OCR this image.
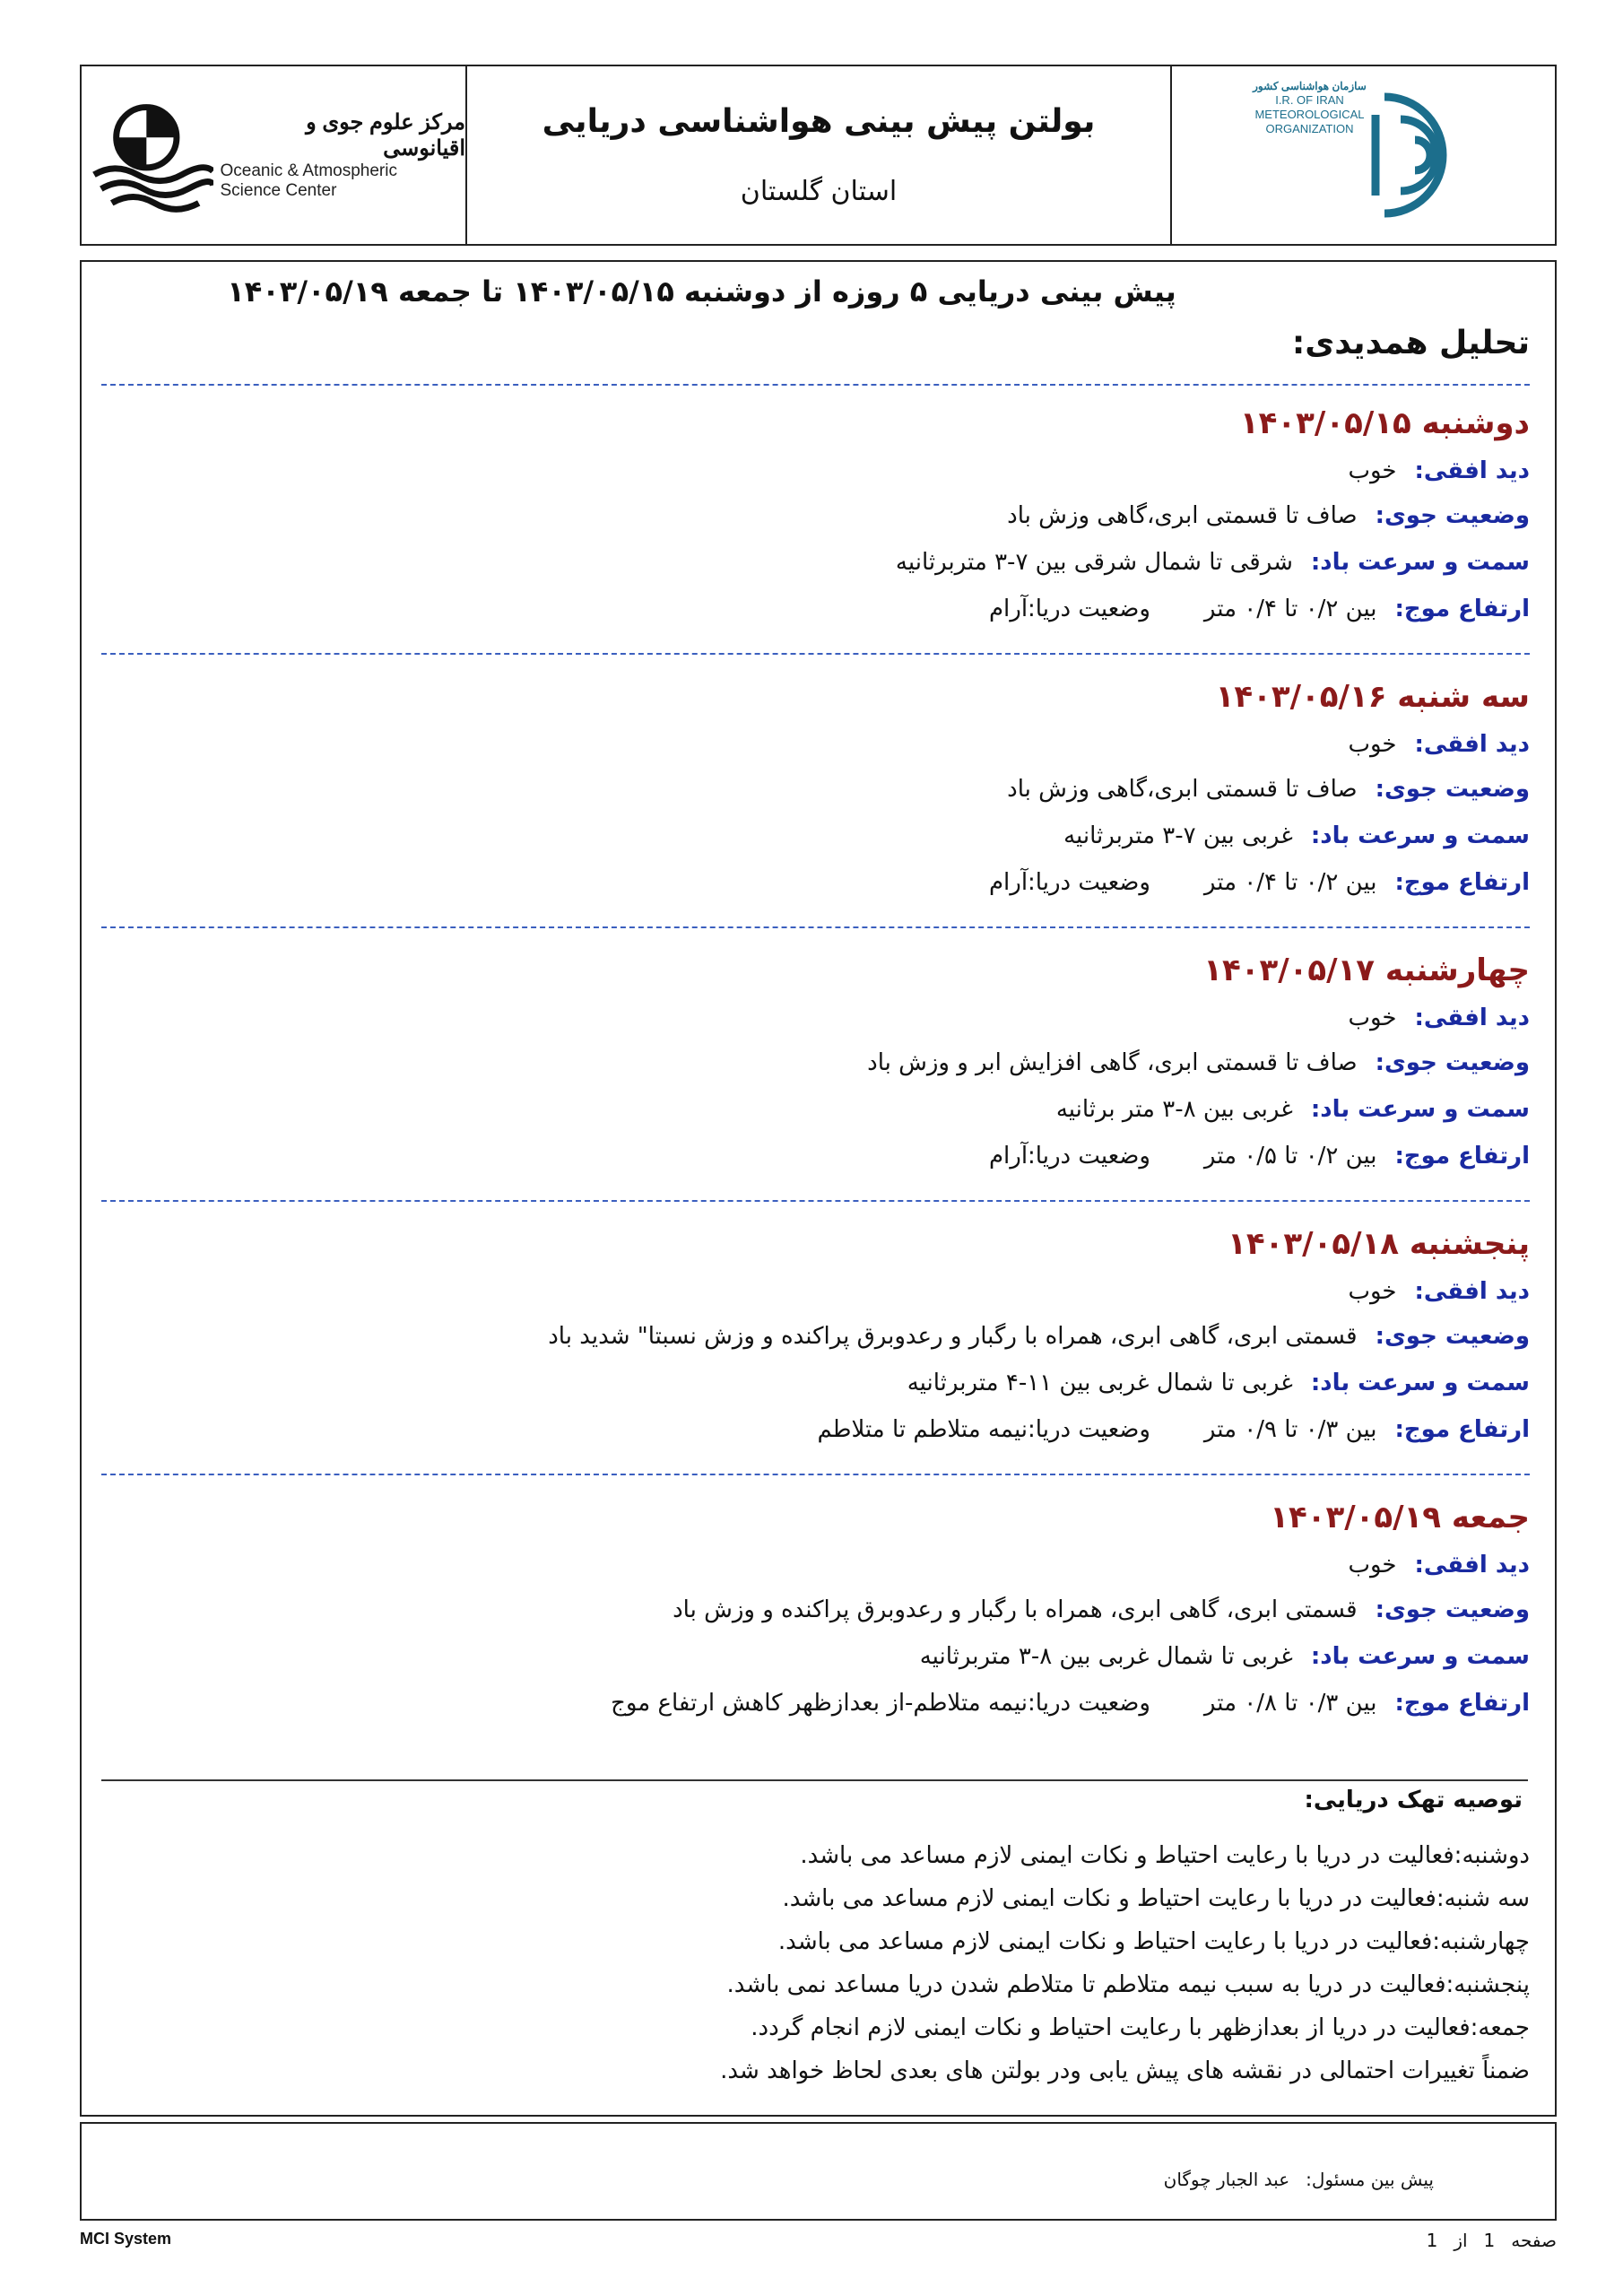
مرکز علوم جوی و اقیانوسی
Oceanic & Atmospheric
Science Center
بولتن پیش بینی هواشناسی دریایی
استان گلستان
سازمان هواشناسی کشور
I.R. OF IRAN
METEOROLOGICAL
ORGANIZATION
پیش بینی دریایی ۵ روزه از دوشنبه ۱۴۰۳/۰۵/۱۵ تا جمعه ۱۴۰۳/۰۵/۱۹
تحلیل همدیدی:
دوشنبه ۱۴۰۳/۰۵/۱۵
دید افقی:
خوب
وضعیت جوی:
صاف تا قسمتی ابری،گاهی وزش باد
سمت و سرعت باد:
شرقی تا شمال شرقی بین ۷-۳ متربرثانیه
ارتفاع موج:
بین ۰/۲ تا ۰/۴ متر
وضعیت دریا:آرام
سه شنبه ۱۴۰۳/۰۵/۱۶
دید افقی:
خوب
وضعیت جوی:
صاف تا قسمتی ابری،گاهی وزش باد
سمت و سرعت باد:
غربی بین ۷-۳ متربرثانیه
ارتفاع موج:
بین ۰/۲ تا ۰/۴ متر
وضعیت دریا:آرام
چهارشنبه ۱۴۰۳/۰۵/۱۷
دید افقی:
خوب
وضعیت جوی:
صاف تا قسمتی ابری، گاهی افزایش ابر و وزش باد
سمت و سرعت باد:
غربی بین ۸-۳ متر برثانیه
ارتفاع موج:
بین ۰/۲ تا ۰/۵ متر
وضعیت دریا:آرام
پنجشنبه ۱۴۰۳/۰۵/۱۸
دید افقی:
خوب
وضعیت جوی:
قسمتی ابری، گاهی ابری، همراه با رگبار و رعدوبرق پراکنده و وزش نسبتا" شدید باد
سمت و سرعت باد:
غربی تا شمال غربی بین ۱۱-۴ متربرثانیه
ارتفاع موج:
بین ۰/۳ تا ۰/۹ متر
وضعیت دریا:نیمه متلاطم تا متلاطم
جمعه ۱۴۰۳/۰۵/۱۹
دید افقی:
خوب
وضعیت جوی:
قسمتی ابری، گاهی ابری، همراه با رگبار و رعدوبرق پراکنده و وزش باد
سمت و سرعت باد:
غربی تا شمال غربی بین ۸-۳ متربرثانیه
ارتفاع موج:
بین ۰/۳ تا ۰/۸ متر
وضعیت دریا:نیمه متلاطم-از بعدازظهر کاهش ارتفاع موج
توصیه تهک دریایی:
دوشنبه:فعالیت در دریا با رعایت احتیاط و نکات ایمنی لازم مساعد می باشد.
سه شنبه:فعالیت در دریا با رعایت احتیاط و نکات ایمنی لازم مساعد می باشد.
چهارشنبه:فعالیت در دریا با رعایت احتیاط و نکات ایمنی لازم مساعد می باشد.
پنجشنبه:فعالیت در دریا به سبب نیمه متلاطم تا متلاطم شدن دریا مساعد نمی باشد.
جمعه:فعالیت در دریا از بعدازظهر با رعایت احتیاط و نکات ایمنی لازم انجام گردد.
ضمناً تغییرات احتمالی در نقشه های پیش یابی ودر بولتن های بعدی لحاظ خواهد شد.
پیش بین مسئول:
عبد الجبار چوگان
MCI System	صفحه
1
از
1
